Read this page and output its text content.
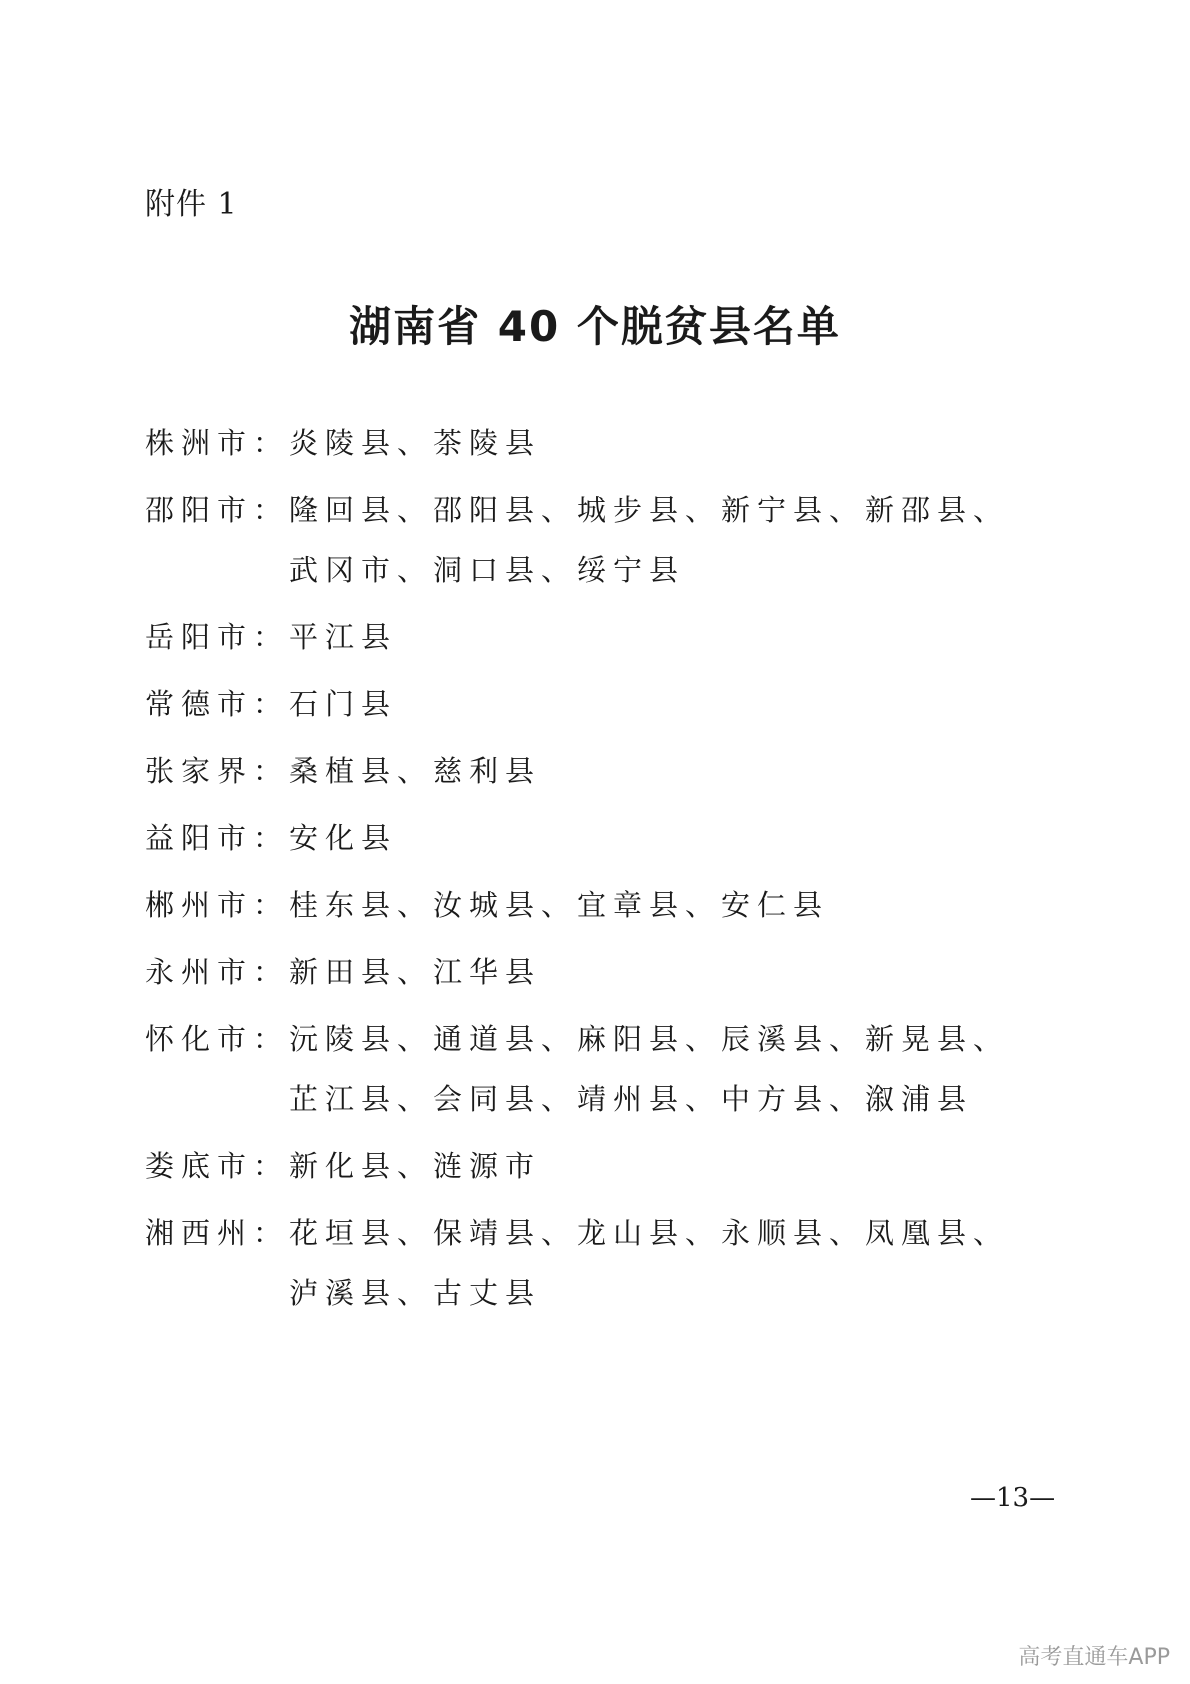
附件 1
湖南省 40 个脱贫县名单
株洲市： 炎陵县、茶陵县
邵阳市： 隆回县、邵阳县、城步县、新宁县、新邵县、武冈市、洞口县、绥宁县
岳阳市： 平江县
常德市： 石门县
张家界： 桑植县、慈利县
益阳市： 安化县
郴州市： 桂东县、汝城县、宜章县、安仁县
永州市： 新田县、江华县
怀化市： 沅陵县、通道县、麻阳县、辰溪县、新晃县、芷江县、会同县、靖州县、中方县、溆浦县
娄底市： 新化县、涟源市
湘西州： 花垣县、保靖县、龙山县、永顺县、凤凰县、泸溪县、古丈县
—13—
高考直通车APP
